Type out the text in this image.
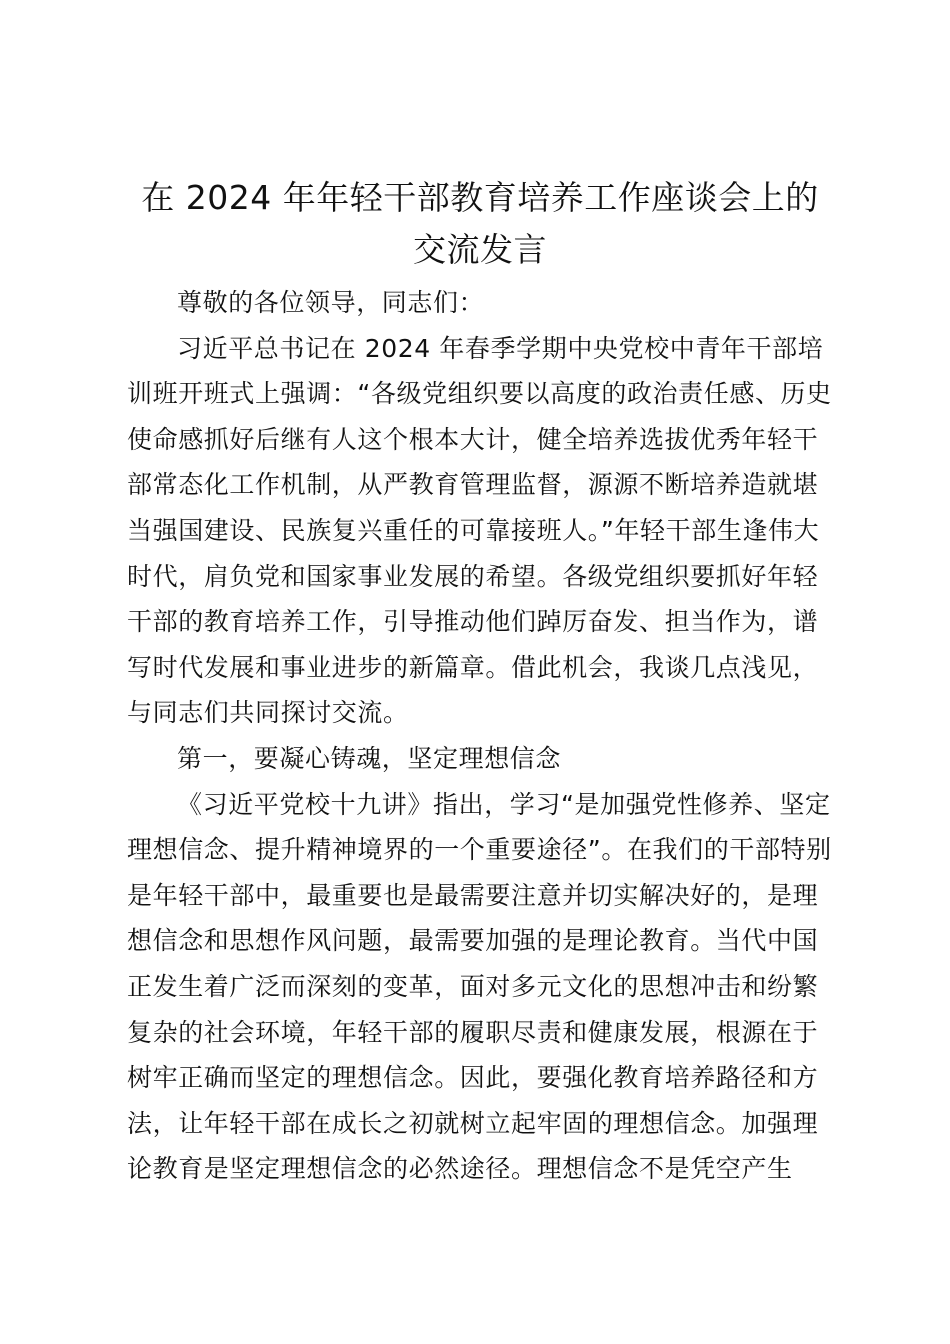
在 2024 年年轻干部教育培养工作座谈会上的
交流发言
尊敬的各位领导，同志们：
习近平总书记在 2024 年春季学期中央党校中青年干部培
训班开班式上强调：“各级党组织要以高度的政治责任感、历史
使命感抓好后继有人这个根本大计，健全培养选拔优秀年轻干
部常态化工作机制，从严教育管理监督，源源不断培养造就堪
当强国建设、民族复兴重任的可靠接班人。”年轻干部生逢伟大
时代，肩负党和国家事业发展的希望。各级党组织要抓好年轻
干部的教育培养工作，引导推动他们踔厉奋发、担当作为，谱
写时代发展和事业进步的新篇章。借此机会，我谈几点浅见，
与同志们共同探讨交流。
第一，要凝心铸魂，坚定理想信念
《习近平党校十九讲》指出，学习“是加强党性修养、坚定
理想信念、提升精神境界的一个重要途径”。在我们的干部特别
是年轻干部中，最重要也是最需要注意并切实解决好的，是理
想信念和思想作风问题，最需要加强的是理论教育。当代中国
正发生着广泛而深刻的变革，面对多元文化的思想冲击和纷繁
复杂的社会环境，年轻干部的履职尽责和健康发展，根源在于
树牢正确而坚定的理想信念。因此，要强化教育培养路径和方
法，让年轻干部在成长之初就树立起牢固的理想信念。加强理
论教育是坚定理想信念的必然途径。理想信念不是凭空产生
